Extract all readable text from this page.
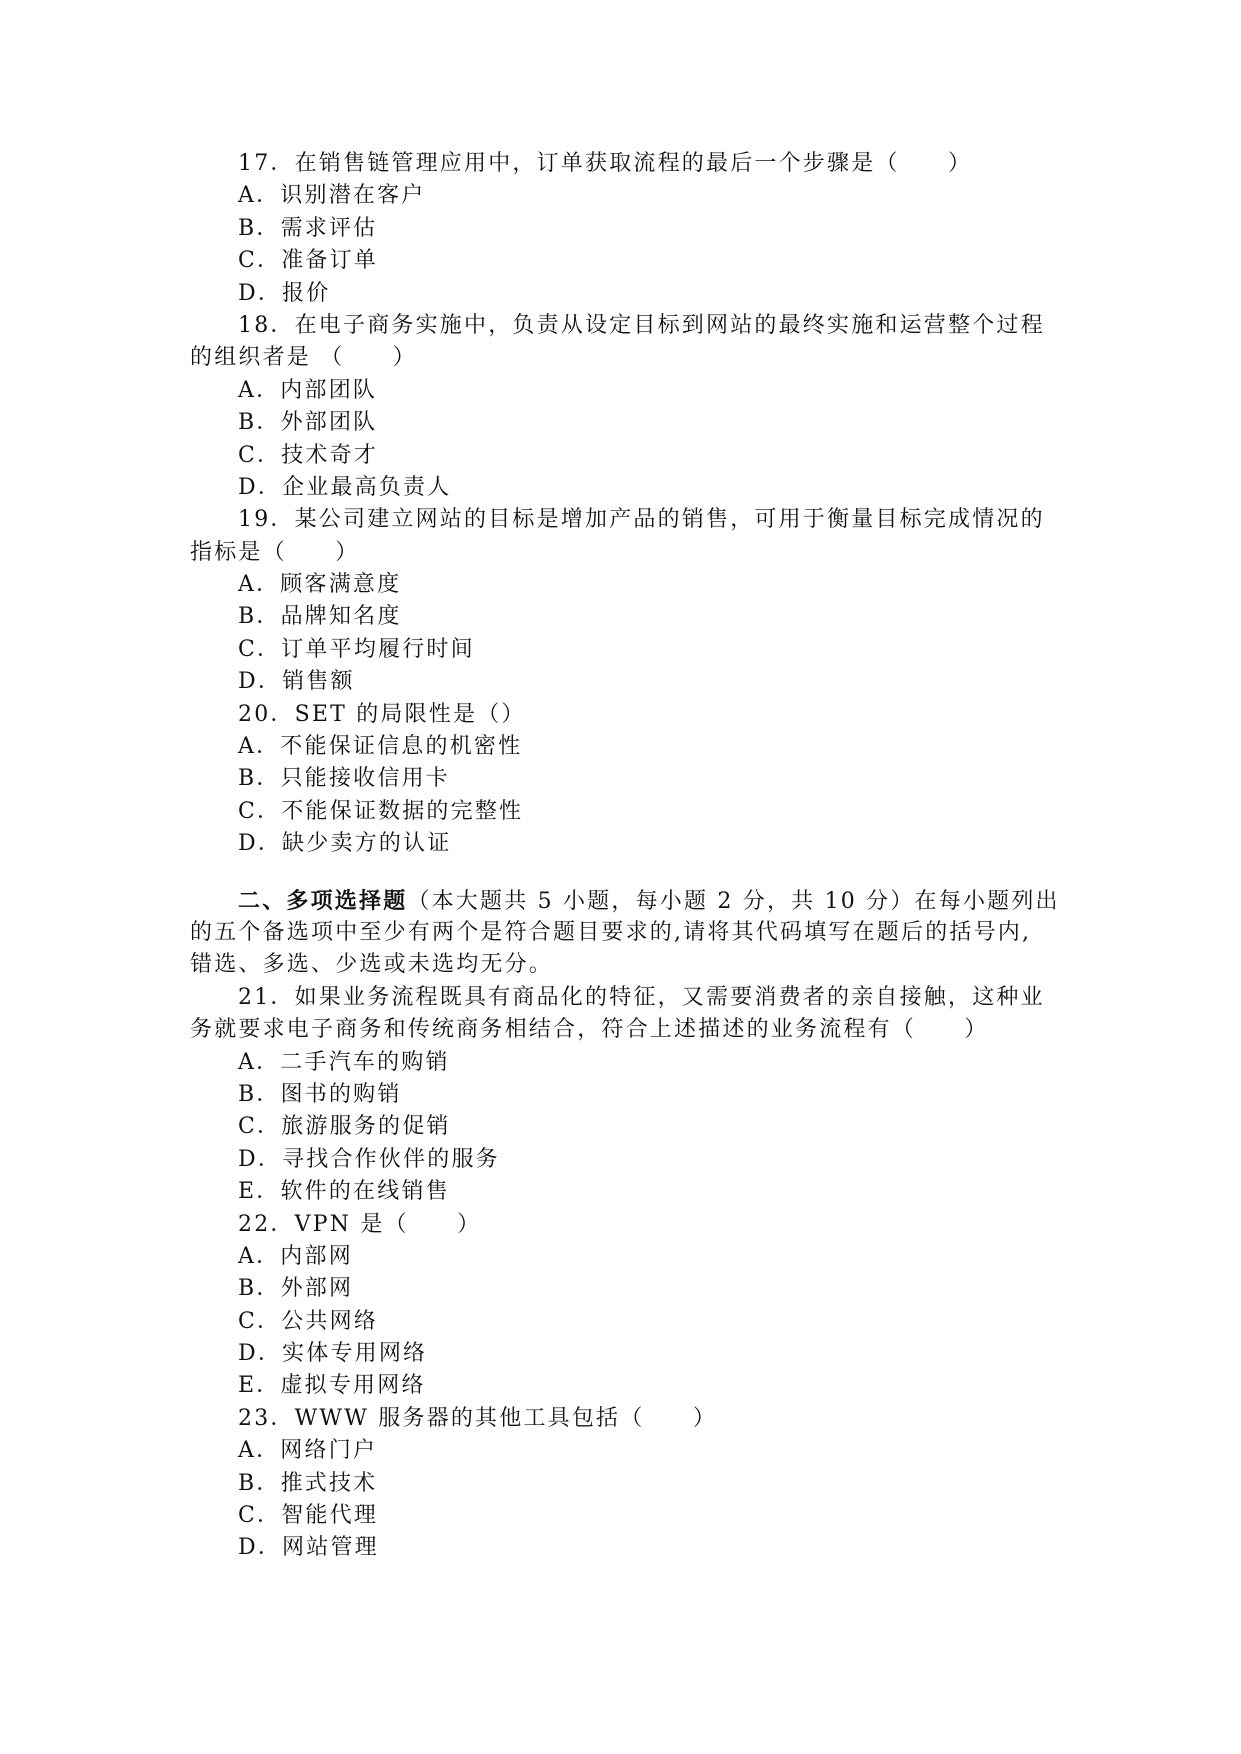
17．在销售链管理应用中，订单获取流程的最后一个步骤是（　　）
A．识别潜在客户
B．需求评估
C．准备订单
D．报价
18．在电子商务实施中，负责从设定目标到网站的最终实施和运营整个过程
的组织者是 （　　）
A．内部团队
B．外部团队
C．技术奇才
D．企业最高负责人
19．某公司建立网站的目标是增加产品的销售，可用于衡量目标完成情况的
指标是（　　）
A．顾客满意度
B．品牌知名度
C．订单平均履行时间
D．销售额
20．SET 的局限性是（）
A．不能保证信息的机密性
B．只能接收信用卡
C．不能保证数据的完整性
D．缺少卖方的认证
二、多项选择题（本大题共 5 小题，每小题 2 分，共 10 分）在每小题列出
的五个备选项中至少有两个是符合题目要求的,请将其代码填写在题后的括号内,
错选、多选、少选或未选均无分。
21．如果业务流程既具有商品化的特征，又需要消费者的亲自接触，这种业
务就要求电子商务和传统商务相结合，符合上述描述的业务流程有（　　）
A．二手汽车的购销
B．图书的购销
C．旅游服务的促销
D．寻找合作伙伴的服务
E．软件的在线销售
22．VPN 是（　　）
A．内部网
B．外部网
C．公共网络
D．实体专用网络
E．虚拟专用网络
23．WWW 服务器的其他工具包括（　　）
A．网络门户
B．推式技术
C．智能代理
D．网站管理
